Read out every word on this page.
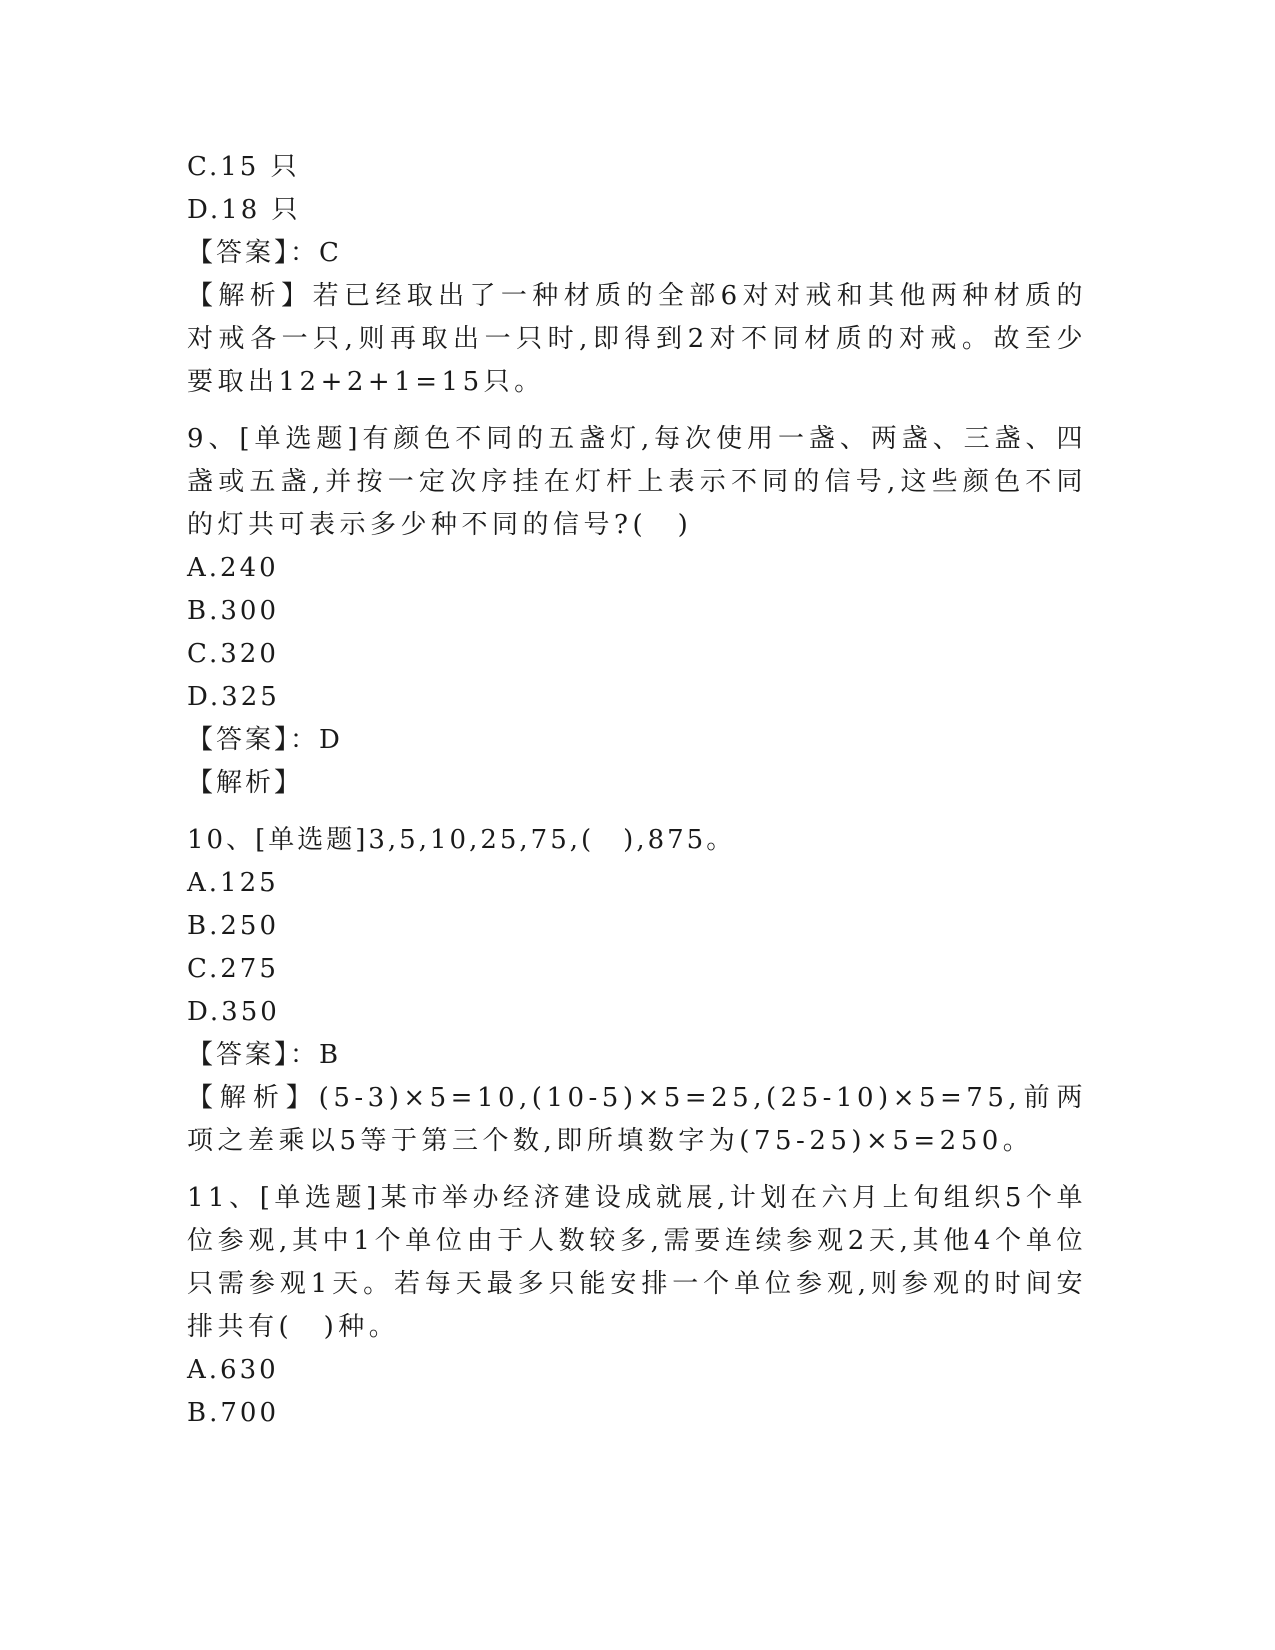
C.15 只
D.18 只
【答案】：C
【解析】若已经取出了一种材质的全部6对对戒和其他两种材质的对戒各一只,则再取出一只时,即得到2对不同材质的对戒。故至少要取出12+2+1=15只。
9、[单选题]有颜色不同的五盏灯,每次使用一盏、两盏、三盏、四盏或五盏,并按一定次序挂在灯杆上表示不同的信号,这些颜色不同的灯共可表示多少种不同的信号?(　)
A.240
B.300
C.320
D.325
【答案】：D
【解析】
10、[单选题]3,5,10,25,75,(　),875。
A.125
B.250
C.275
D.350
【答案】：B
【解析】(5-3)×5=10,(10-5)×5=25,(25-10)×5=75,前两项之差乘以5等于第三个数,即所填数字为(75-25)×5=250。
11、[单选题]某市举办经济建设成就展,计划在六月上旬组织5个单位参观,其中1个单位由于人数较多,需要连续参观2天,其他4个单位只需参观1天。若每天最多只能安排一个单位参观,则参观的时间安排共有(　)种。
A.630
B.700
